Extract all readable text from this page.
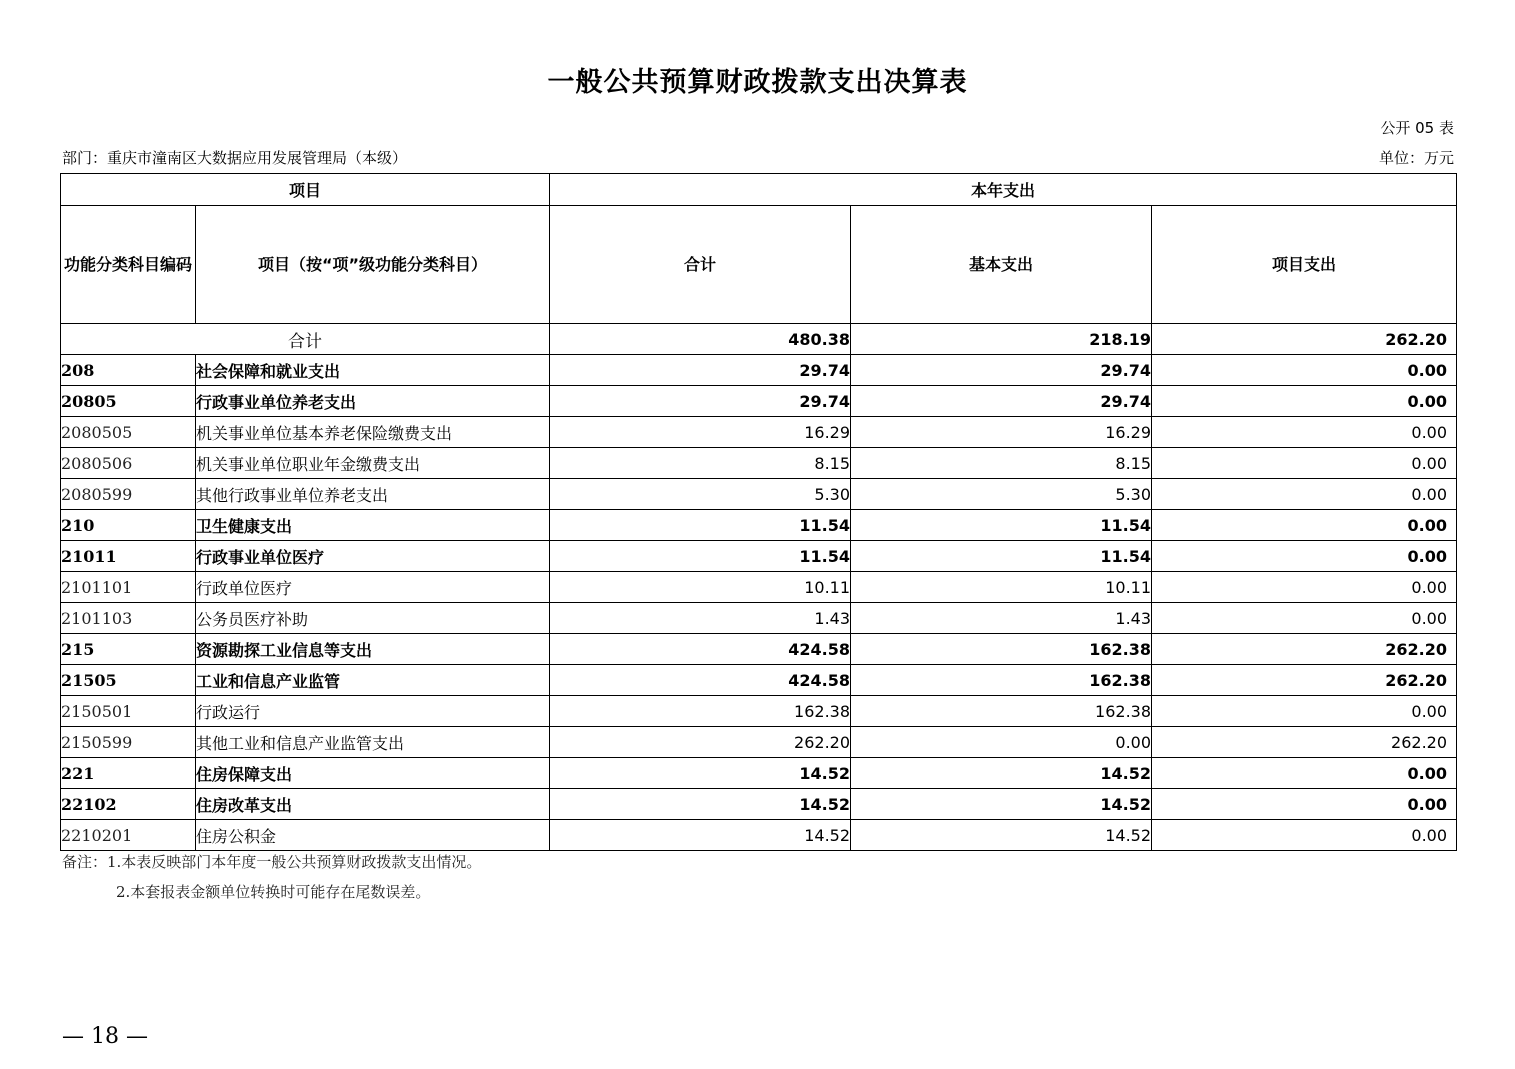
一般公共预算财政拨款支出决算表
公开 05 表
部门：重庆市潼南区大数据应用发展管理局（本级）	单位：万元
项目		本年支出		
功能分类科目编码	项目（按“项”级功能分类科目）	合计	基本支出	项目支出
合计		480.38	218.19	262.20
208	社会保障和就业支出	29.74	29.74	0.00
20805	行政事业单位养老支出	29.74	29.74	0.00
2080505	机关事业单位基本养老保险缴费支出	16.29	16.29	0.00
2080506	机关事业单位职业年金缴费支出	8.15	8.15	0.00
2080599	其他行政事业单位养老支出	5.30	5.30	0.00
210	卫生健康支出	11.54	11.54	0.00
21011	行政事业单位医疗	11.54	11.54	0.00
2101101	行政单位医疗	10.11	10.11	0.00
2101103	公务员医疗补助	1.43	1.43	0.00
215	资源勘探工业信息等支出	424.58	162.38	262.20
21505	工业和信息产业监管	424.58	162.38	262.20
2150501	行政运行	162.38	162.38	0.00
2150599	其他工业和信息产业监管支出	262.20	0.00	262.20
221	住房保障支出	14.52	14.52	0.00
22102	住房改革支出	14.52	14.52	0.00
2210201	住房公积金	14.52	14.52	0.00
备注：1.本表反映部门本年度一般公共预算财政拨款支出情况。
2.本套报表金额单位转换时可能存在尾数误差。
— 18 —
